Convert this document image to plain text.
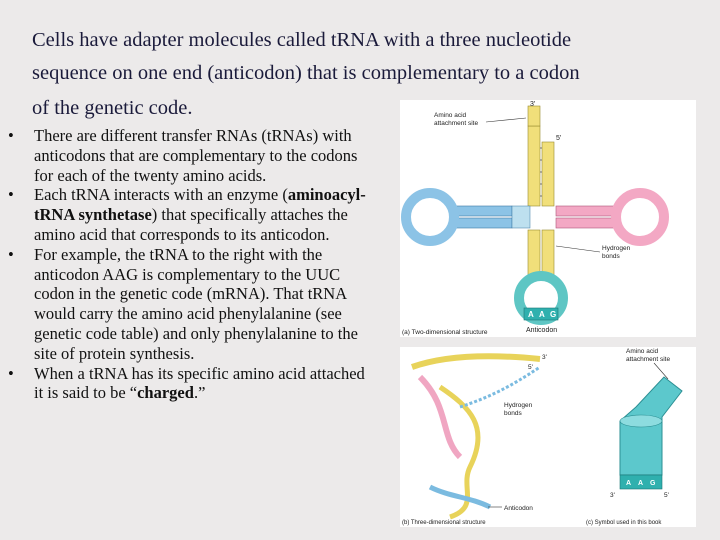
Cells have adapter molecules called tRNA with a three nucleotide
sequence on one end (anticodon) that is complementary to a codon
of the genetic code.
• There are different transfer RNAs (tRNAs) with anticodons that are complementary to the codons for each of the twenty amino acids.
• Each tRNA interacts with an enzyme (aminoacyl-tRNA synthetase) that specifically attaches the amino acid that corresponds to its anticodon.
• For example, the tRNA to the right with the anticodon AAG is complementary to the UUC codon in the genetic code (mRNA). That tRNA would carry the amino acid phenylalanine (see genetic code table) and only phenylalanine to the site of protein synthesis.
• When a tRNA has its specific amino acid attached it is said to be “charged.”
3'
5'
Amino acid
attachment site
A A G
Anticodon
Hydrogen
bonds
(a) Two-dimensional structure
3'
5'
Hydrogen
bonds
Anticodon
(b) Three-dimensional structure
Amino acid
attachment site
A A G
3'	5'
(c) Symbol used in this book
